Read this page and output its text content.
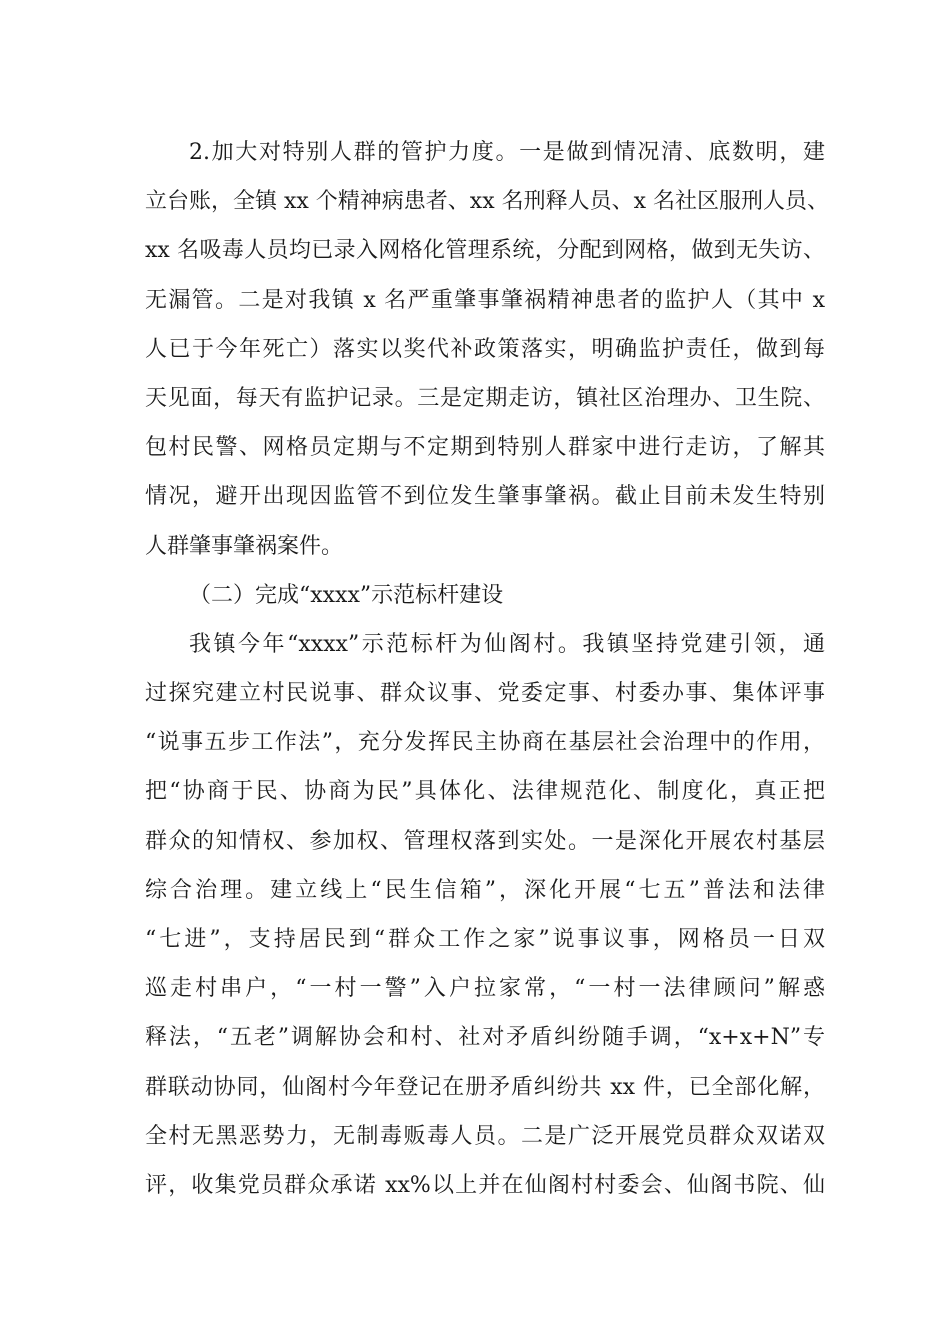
2.加大对特别人群的管护力度。一是做到情况清、底数明，建
立台账，全镇 xx 个精神病患者、xx 名刑释人员、x 名社区服刑人员、
xx 名吸毒人员均已录入网格化管理系统，分配到网格，做到无失访、
无漏管。二是对我镇 x 名严重肇事肇祸精神患者的监护人（其中 x
人已于今年死亡）落实以奖代补政策落实，明确监护责任，做到每
天见面，每天有监护记录。三是定期走访，镇社区治理办、卫生院、
包村民警、网格员定期与不定期到特别人群家中进行走访，了解其
情况，避开出现因监管不到位发生肇事肇祸。截止目前未发生特别
人群肇事肇祸案件。
（二）完成“xxxx”示范标杆建设
我镇今年“xxxx”示范标杆为仙阁村。我镇坚持党建引领，通
过探究建立村民说事、群众议事、党委定事、村委办事、集体评事
“说事五步工作法”，充分发挥民主协商在基层社会治理中的作用，
把“协商于民、协商为民”具体化、法律规范化、制度化，真正把
群众的知情权、参加权、管理权落到实处。一是深化开展农村基层
综合治理。建立线上“民生信箱”，深化开展“七五”普法和法律
“七进”，支持居民到“群众工作之家”说事议事，网格员一日双
巡走村串户，“一村一警”入户拉家常，“一村一法律顾问”解惑
释法，“五老”调解协会和村、社对矛盾纠纷随手调，“x+x+N”专
群联动协同，仙阁村今年登记在册矛盾纠纷共 xx 件，已全部化解，
全村无黑恶势力，无制毒贩毒人员。二是广泛开展党员群众双诺双
评，收集党员群众承诺 xx%以上并在仙阁村村委会、仙阁书院、仙
